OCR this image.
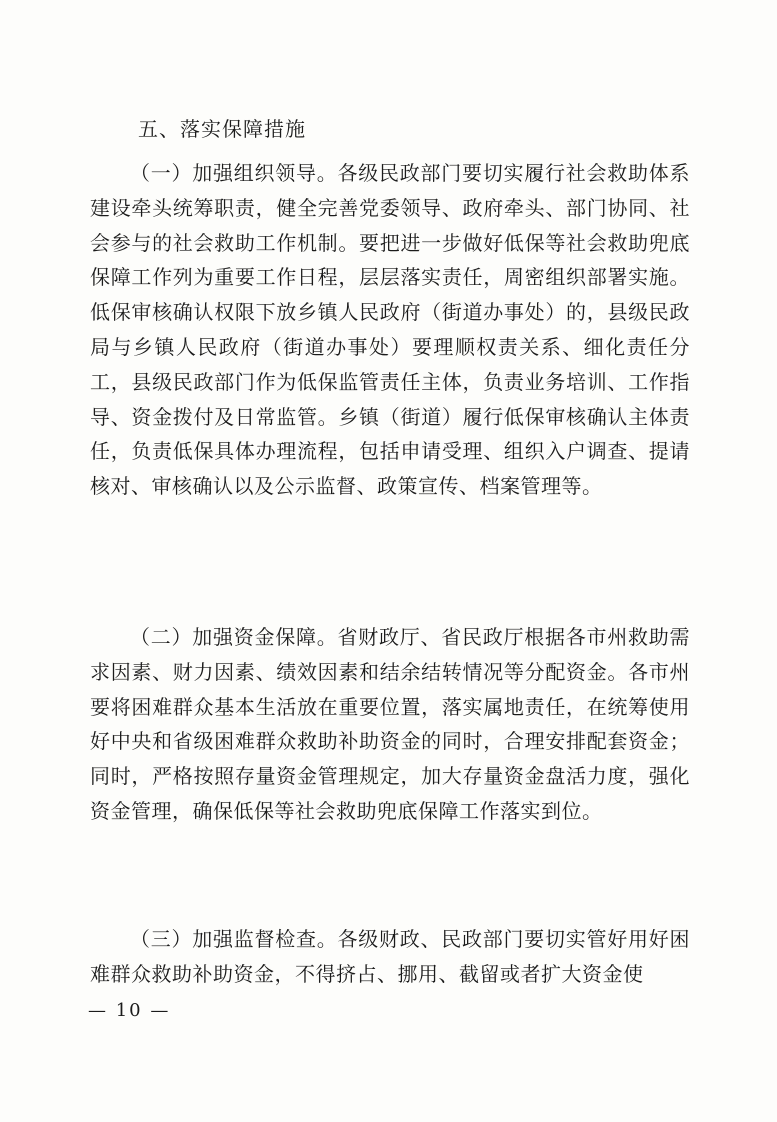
五、落实保障措施

（一）加强组织领导。各级民政部门要切实履行社会救助体系建设牵头统筹职责，健全完善党委领导、政府牵头、部门协同、社会参与的社会救助工作机制。要把进一步做好低保等社会救助兜底保障工作列为重要工作日程，层层落实责任，周密组织部署实施。低保审核确认权限下放乡镇人民政府（街道办事处）的，县级民政局与乡镇人民政府（街道办事处）要理顺权责关系、细化责任分工，县级民政部门作为低保监管责任主体，负责业务培训、工作指导、资金拨付及日常监管。乡镇（街道）履行低保审核确认主体责任，负责低保具体办理流程，包括申请受理、组织入户调查、提请核对、审核确认以及公示监督、政策宣传、档案管理等。

（二）加强资金保障。省财政厅、省民政厅根据各市州救助需求因素、财力因素、绩效因素和结余结转情况等分配资金。各市州要将困难群众基本生活放在重要位置，落实属地责任，在统筹使用好中央和省级困难群众救助补助资金的同时，合理安排配套资金；同时，严格按照存量资金管理规定，加大存量资金盘活力度，强化资金管理，确保低保等社会救助兜底保障工作落实到位。

（三）加强监督检查。各级财政、民政部门要切实管好用好困难群众救助补助资金，不得挤占、挪用、截留或者扩大资金使

— 10 —
